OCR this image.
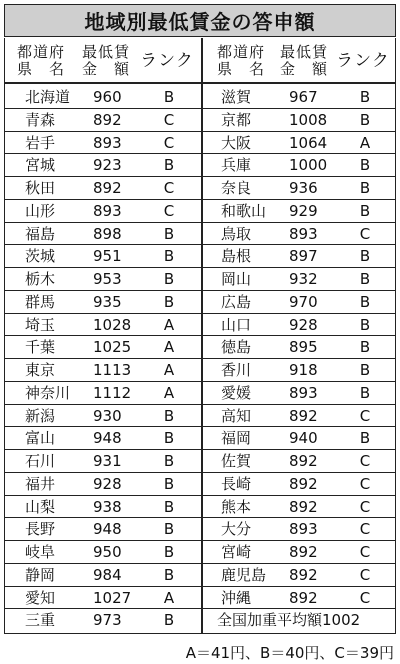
地域別最低賃金の答申額
都道府
県　名
最低賃
金　額 ランク	都道府
県　名
最低賃
金　額 ランク
北海道 960	B	滋賀	967	B
青森	892	C	京都	1008	B
岩手	893	C	大阪	1064	A
宮城	923	B	兵庫	1000	B
秋田	892	C	奈良	936	B
山形	893	C	和歌山 929	B
福島	898	B	鳥取	893	C
茨城	951	B	島根	897	B
栃木	953	B	岡山	932	B
群馬	935	B	広島	970	B
埼玉	1028	A	山口	928	B
千葉	1025	A	徳島	895	B
東京	1113	A	香川	918	B
神奈川 1112	A	愛媛	893	B
新潟	930	B	高知	892	C
富山	948	B	福岡	940	B
石川	931	B	佐賀	892	C
福井	928	B	長崎	892	C
山梨	938	B	熊本	892	C
長野	948	B	大分	893	C
岐阜	950	B	宮崎	892	C
静岡	984	B	鹿児島 892	C
愛知	1027	A	沖縄	892	C
三重	973	B	全国加重平均額1002
A＝41円、B＝40円、C＝39円
